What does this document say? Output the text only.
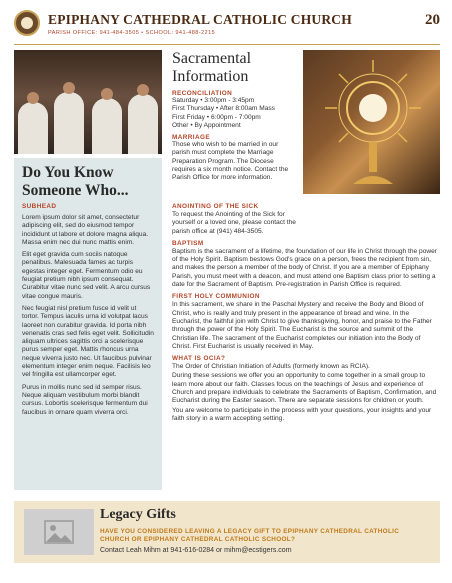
EPIPHANY CATHEDRAL CATHOLIC CHURCH
PARISH OFFICE: 941-484-3505 • SCHOOL: 941-488-2215
20
Do You Know
Someone Who...
SUBHEAD

Lorem ipsum dolor sit amet, consectetur adipiscing elit, sed do eiusmod tempor incididunt ut labore et dolore magna aliqua. Massa enim nec dui nunc mattis enim.

Elit eget gravida cum sociis natoque penatibus. Malesuada fames ac turpis egestas integer eget. Fermentum odio eu feugiat pretium nibh ipsum consequat. Curabitur vitae nunc sed velit. A arcu cursus vitae congue mauris.

Nec feugiat nisl pretium fusce id velit ut tortor. Tempus iaculis urna id volutpat lacus laoreet non curabitur gravida. Id porta nibh venenatis cras sed felis eget velit. Sollicitudin aliquam ultrices sagittis orci a scelerisque purus semper eget. Mattis rhoncus urna neque viverra justo nec. Ut faucibus pulvinar elementum integer enim neque. Facilisis leo vel fringilla est ullamcorper eget.

Purus in mollis nunc sed id semper risus. Neque aliquam vestibulum morbi blandit cursus. Lobortis scelerisque fermentum dui faucibus in ornare quam viverra orci.

Sacramental
Information
RECONCILIATION
Saturday • 3:00pm - 3:45pm
First Thursday • After 8:00am Mass
First Friday • 6:00pm - 7:00pm
Other • By Appointment
MARRIAGE

Those who wish to be married in our parish must complete the Marriage Preparation Program. The Diocese requires a six month notice. Contact the Parish Office for more information.

ANOINTING OF THE SICK

To request the Anointing of the Sick for yourself or a loved one, please contact the parish office at (941) 484-3505.

BAPTISM

Baptism is the sacrament of a lifetime, the foundation of our life in Christ through the power of the Holy Spirit. Baptism bestows God's grace on a person, frees the recipient from sin, and makes the person a member of the body of Christ. If you are a member of Epiphany Parish, you must meet with a deacon, and must attend one Baptism class prior to setting a date for the Sacrament of Baptism. Pre-registration in Parish Office is required.

FIRST HOLY COMMUNION

In this sacrament, we share in the Paschal Mystery and receive the Body and Blood of Christ, who is really and truly present in the appearance of bread and wine. In the Eucharist, the faithful join with Christ to give thanksgiving, honor, and praise to the Father through the power of the Holy Spirit. The Eucharist is the source and summit of the Christian life. The sacrament of the Eucharist completes our initiation into the Body of Christ. First Eucharist is usually received in May.

WHAT IS OCIA?

The Order of Christian Initiation of Adults (formerly known as RCIA).

During these sessions we offer you an opportunity to come together in a small group to learn more about our faith. Classes focus on the teachings of Jesus and experience of Church and prepare individuals to celebrate the Sacraments of Baptism, Confirmation, and Eucharist during the Easter season. There are separate sessions for children or youth.

You are welcome to participate in the process with your questions, your insights and your faith story in a warm accepting setting.

Legacy Gifts
HAVE YOU CONSIDERED LEAVING A LEGACY GIFT TO EPIPHANY CATHEDRAL CATHOLIC CHURCH OR EPIPHANY CATHEDRAL CATHOLIC SCHOOL?
Contact Leah Mihm at 941-616-0284 or mihm@ecstigers.com
